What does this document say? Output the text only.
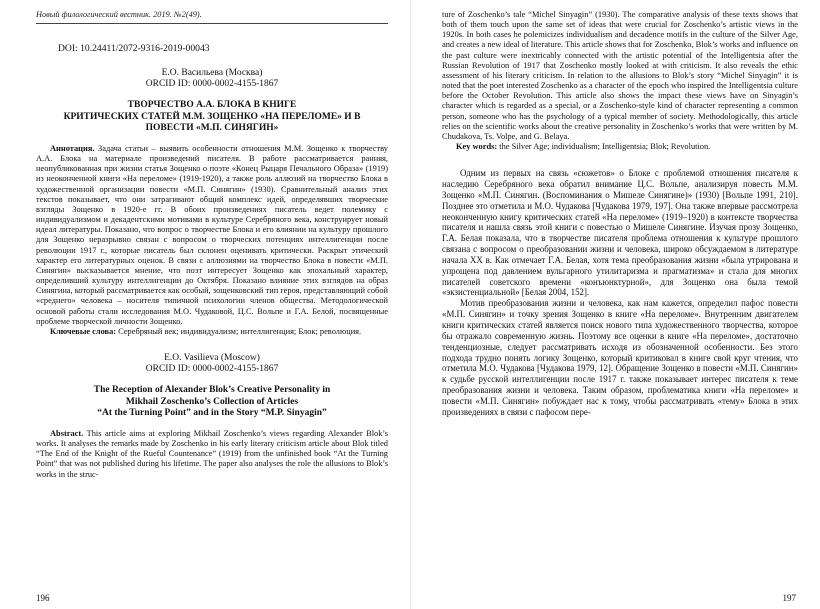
Новый филологический вестник. 2019. №2(49).
DOI: 10.24411/2072-9316-2019-00043
Е.О. Васильева (Москва)
ORCID ID: 0000-0002-4155-1867
ТВОРЧЕСТВО А.А. БЛОКА В КНИГЕ
КРИТИЧЕСКИХ СТАТЕЙ М.М. ЗОЩЕНКО «НА ПЕРЕЛОМЕ» И В
ПОВЕСТИ «М.П. СИНЯГИН»

Аннотация. Задача статьи – выявить особенности отношения М.М. Зощенко к творчеству А.А. Блока на материале произведений писателя. В работе рассматривается ранняя, неопубликованная при жизни статья Зощенко о поэте «Конец Рыцаря Печального Образа» (1919) из неоконченной книги «На переломе» (1919-1920), а также роль аллюзий на творчество Блока в художественной организации повести «М.П. Синягин» (1930). Сравнительный анализ этих текстов показывает, что они затрагивают общий комплекс идей, определявших творческие взгляды Зощенко в 1920-е гг. В обоих произведениях писатель ведет полемику с индивидуализмом и декадентскими мотивами в культуре Серебряного века, конструирует новый идеал литературы. Показано, что вопрос о творчестве Блока и его влиянии на культуру прошлого для Зощенко неразрывно связан с вопросом о творческих потенциях интеллигенции после революции 1917 г., которые писатель был склонен оценивать критически. Раскрыт этический характер его литературных оценок. В связи с аллюзиями на творчество Блока в повести «М.П. Синягин» высказывается мнение, что поэт интересует Зощенко как эпохальный характер, определивший культуру интеллигенции до Октября. Показано влияние этих взглядов на образ Синягина, который рассматривается как особый, зощенковский тип героя, представляющий собой «среднего» человека – носителя типичной психологии членов общества. Методологической основой работы стали исследования М.О. Чудаковой, Ц.С. Вольпе и Г.А. Белой, посвященные проблеме творческой личности Зощенко.

Ключевые слова: Серебряный век; индивидуализм; интеллигенция; Блок; революция.

E.O. Vasilieva (Moscow)
ORCID ID: 0000-0002-4155-1867
The Reception of Alexander Blok’s Creative Personality in
Mikhail Zoschenko’s Collection of Articles
“At the Turning Point” and in the Story “M.P. Sinyagin”

Abstract. This article aims at exploring Mikhail Zoschenko’s views regarding Alexander Blok’s works. It analyses the remarks made by Zoschenko in his early literary criticism article about Blok titled “The End of the Knight of the Rueful Countenance” (1919) from the unfinished book “At the Turning Point” that was not published during his lifetime. The paper also analyses the role the allusions to Blok’s works in the struc-

196

ture of Zoschenko’s tale “Michel Sinyagin” (1930). The comparative analysis of these texts shows that both of them touch upon the same set of ideas that were crucial for Zoschenko’s artistic views in the 1920s. In both cases he polemicizes individualism and decadence motifs in the culture of the Silver Age, and creates a new ideal of literature. This article shows that for Zoschenko, Blok’s works and influence on the past culture were inextricably connected with the artistic potential of the Intelligentsia after the Russian Revolution of 1917 that Zoschenko mostly looked at with criticism. It also reveals the ethic assessment of his literary criticism. In relation to the allusions to Blok’s story “Michel Sinyagin” it is noted that the poet interested Zoschenko as a character of the epoch who inspired the Intelligentsia culture before the October Revolution. This article also shows the impact these views have on Sinyagin’s character which is regarded as a special, or a Zoschenko-style kind of character representing a common person, someone who has the psychology of a typical member of society. Methodologically, this article relies on the scientific works about the creative personality in Zoschenko’s works that were written by M. Chudakova, Ts. Volpe, and G. Belaya.

Key words: the Silver Age; individualism; Intelligentsia; Blok; Revolution.

Одним из первых на связь «сюжетов» о Блоке с проблемой отношения писателя к наследию Серебряного века обратил внимание Ц.С. Вольпе, анализируя повесть М.М. Зощенко «М.П. Синягин. (Воспоминания о Мишеле Синягине)» (1930) [Вольпе 1991, 210]. Позднее это отметила и М.О. Чудакова [Чудакова 1979, 197]. Она также впервые рассмотрела неоконченную книгу критических статей «На переломе» (1919–1920) в контексте творчества писателя и нашла связь этой книги с повестью о Мишеле Синягине. Изучая прозу Зощенко, Г.А. Белая показала, что в творчестве писателя проблема отношения к культуре прошлого связана с вопросом о преобразовании жизни и человека, широко обсуждаемом в литературе начала XX в. Как отмечает Г.А. Белая, хотя тема преобразования жизни «была утрирована и упрощена под давлением вульгарного утилитаризма и прагматизма» и стала для многих писателей советского времени «конъюнктурной», для Зощенко она была темой «экзистенциальной» [Белая 2004, 152].

Мотив преобразования жизни и человека, как нам кажется, определил пафос повести «М.П. Синягин» и точку зрения Зощенко в книге «На переломе». Внутренним двигателем книги критических статей является поиск нового типа художественного творчества, которое бы отражало современную жизнь. Поэтому все оценки в книге «На переломе», достаточно тенденциозные, следует рассматривать исходя из обозначенной особенности. Без этого подхода трудно понять логику Зощенко, который критиковал в книге свой круг чтения, что отметила М.О. Чудакова [Чудакова 1979, 12]. Обращение Зощенко в повести «М.П. Синягин» к судьбе русской интеллигенции после 1917 г. также показывает интерес писателя к теме преобразования жизни и человека. Таким образом, проблематика книги «На переломе» и повести «М.П. Синягин» побуждает нас к тому, чтобы рассматривать «тему» Блока в этих произведениях в связи с пафосом пере-

197
